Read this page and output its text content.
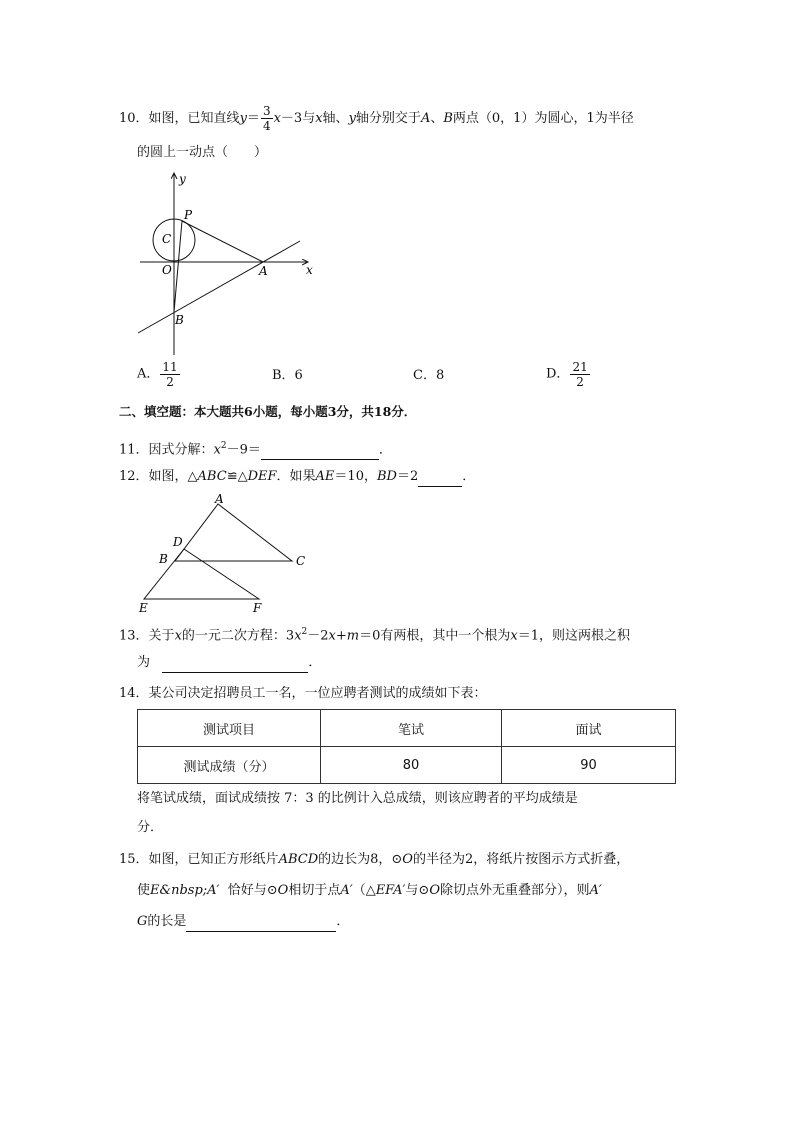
10．如图，已知直线$y= \frac{3}{4} x-3$与x轴、y轴分别交于A、B两点（0，1）为圆心，1为半径
的圆上一动点（　　）
y
P
C
O	A	x
B
A． $\frac{11}{2}$	B．6	C．8	D． $\frac{21}{2}$
二、填空题：本大题共6小题，每小题3分，共18分．
11．因式分解：$x^2-9=$	．
12．如图，△ABC≌△DEF．如果AE＝10，BD＝2	．
A
D
B	C
E	F
13．关于x的一元二次方程：$3x^2-2x+m=0$有两根，其中一个根为x＝1，则这两根之积
为	．
14．某公司决定招聘员工一名，一位应聘者测试的成绩如下表：
测试项目	笔试	面试
测试成绩（分）	80	90
将笔试成绩，面试成绩按 7：3 的比例计入总成绩，则该应聘者的平均成绩是
分．
15．如图，已知正方形纸片ABCD的边长为8，⊙O的半径为2，将纸片按图示方式折叠，
使E&nbsp;A′ 恰好与⊙O相切于点A′（△EFA′与⊙O除切点外无重叠部分），则A′
G的长是	．
